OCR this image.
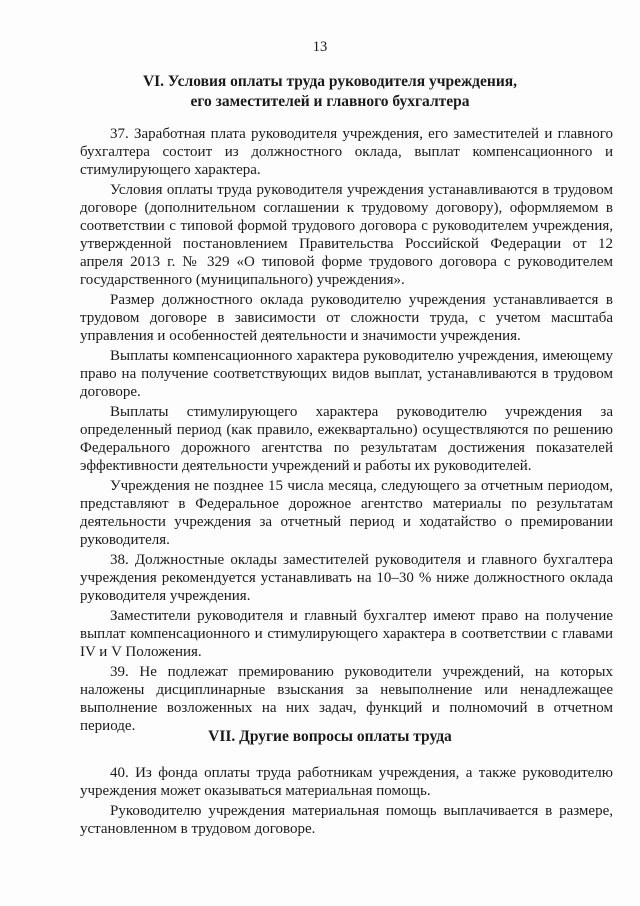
13
VI. Условия оплаты труда руководителя учреждения,
его заместителей и главного бухгалтера

37. Заработная плата руководителя учреждения, его заместителей и главного бухгалтера состоит из должностного оклада, выплат компенсационного и стимулирующего характера.

Условия оплаты труда руководителя учреждения устанавливаются в трудовом договоре (дополнительном соглашении к трудовому договору), оформляемом в соответствии с типовой формой трудового договора с руководителем учреждения, утвержденной постановлением Правительства Российской Федерации от 12 апреля 2013 г. № 329 «О типовой форме трудового договора с руководителем государственного (муниципального) учреждения».

Размер должностного оклада руководителю учреждения устанавливается в трудовом договоре в зависимости от сложности труда, с учетом масштаба управления и особенностей деятельности и значимости учреждения.

Выплаты компенсационного характера руководителю учреждения, имеющему право на получение соответствующих видов выплат, устанавливаются в трудовом договоре.

Выплаты стимулирующего характера руководителю учреждения за определенный период (как правило, ежеквартально) осуществляются по решению Федерального дорожного агентства по результатам достижения показателей эффективности деятельности учреждений и работы их руководителей.

Учреждения не позднее 15 числа месяца, следующего за отчетным периодом, представляют в Федеральное дорожное агентство материалы по результатам деятельности учреждения за отчетный период и ходатайство о премировании руководителя.

38. Должностные оклады заместителей руководителя и главного бухгалтера учреждения рекомендуется устанавливать на 10–30 % ниже должностного оклада руководителя учреждения.

Заместители руководителя и главный бухгалтер имеют право на получение выплат компенсационного и стимулирующего характера в соответствии с главами IV и V Положения.

39. Не подлежат премированию руководители учреждений, на которых наложены дисциплинарные взыскания за невыполнение или ненадлежащее выполнение возложенных на них задач, функций и полномочий в отчетном периоде.

VII. Другие вопросы оплаты труда

40. Из фонда оплаты труда работникам учреждения, а также руководителю учреждения может оказываться материальная помощь.

Руководителю учреждения материальная помощь выплачивается в размере, установленном в трудовом договоре.
